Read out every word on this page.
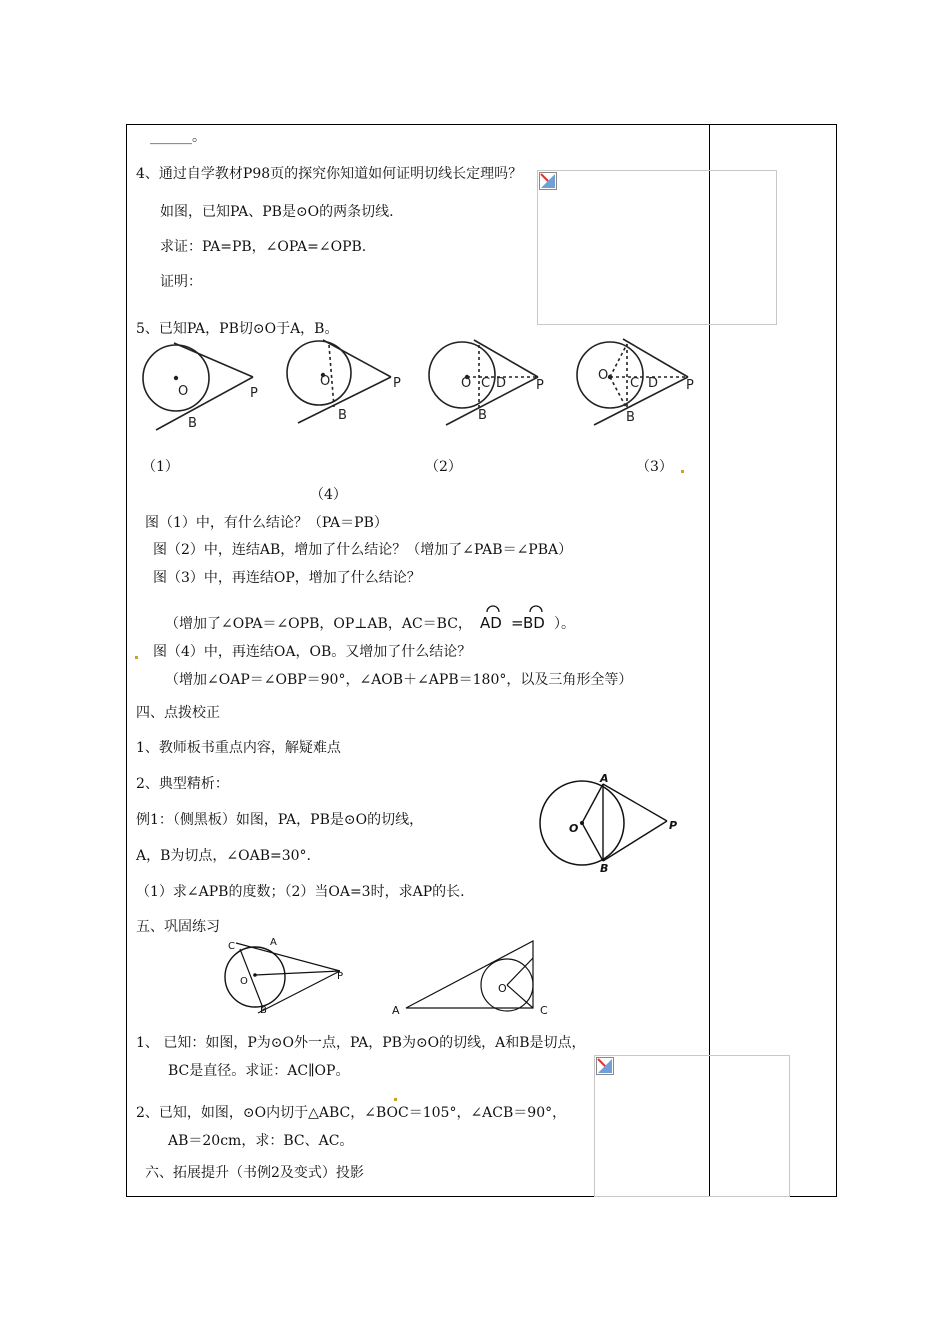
______。
4、通过自学教材P98页的探究你知道如何证明切线长定理吗？
如图，已知PA、PB是⊙O的两条切线.
求证：PA=PB，∠OPA=∠OPB.
证明：
5、已知PA，PB切⊙O于A，B。
O
B
P
O
B
P	O C D
B
P
O
C D
B
P
（1）	（2）	（3）
（4）
图（1）中，有什么结论？（PA＝PB）
图（2）中，连结AB，增加了什么结论？（增加了∠PAB＝∠PBA）
图（3）中，再连结OP，增加了什么结论？
（增加了∠OPA＝∠OPB，OP⊥AB，AC＝BC， AD = BD ）。
图（4）中，再连结OA，OB。又增加了什么结论？
（增加∠OAP＝∠OBP＝90°，∠AOB＋∠APB＝180°，以及三角形全等）
四、点拨校正
1、教师板书重点内容，解疑难点
2、典型精析：	A
O	P
B
例1：（侧黑板）如图，PA，PB是⊙O的切线，
A，B为切点，∠OAB=30°.
（1）求∠APB的度数；（2）当OA=3时，求AP的长.
五、巩固练习
C	A
O	P
B	A
O
C
1、 已知：如图，P为⊙O外一点，PA，PB为⊙O的切线，A和B是切点，
BC是直径。求证：AC∥OP。
2、已知，如图，⊙O内切于△ABC，∠BOC＝105°，∠ACB＝90°，
AB＝20cm，求：BC、AC。
六、拓展提升（书例2及变式）投影
